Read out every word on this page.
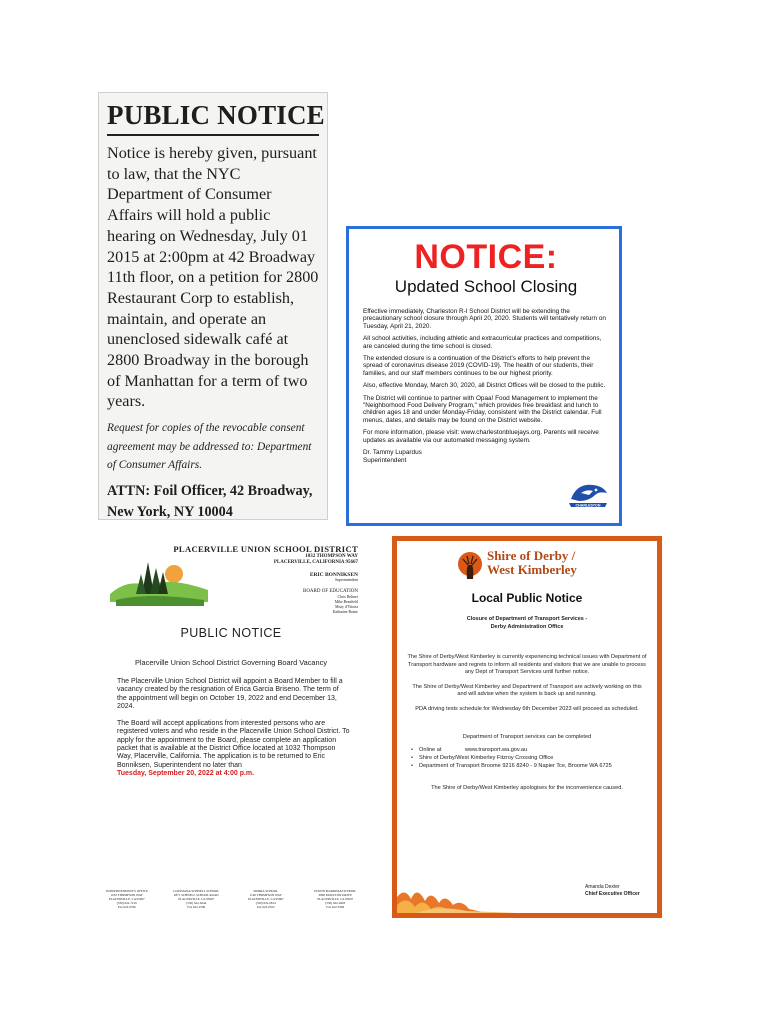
PUBLIC NOTICE
Notice is hereby given, pursuant to law, that the NYC Department of Consumer Affairs will hold a public hearing on Wednesday, July 01 2015 at 2:00pm at 42 Broadway 11th floor, on a petition for 2800 Restaurant Corp to establish, maintain, and operate an unenclosed sidewalk café at 2800 Broadway in the borough of Manhattan for a term of two years.
Request for copies of the revocable consent agreement may be addressed to: Department of Consumer Affairs.
ATTN: Foil Officer, 42 Broadway, New York, NY 10004
NOTICE:
Updated School Closing

Effective immediately, Charleston R-I School District will be extending the precautionary school closure through April 20, 2020. Students will tentatively return on Tuesday, April 21, 2020.

All school activities, including athletic and extracurricular practices and competitions, are canceled during the time school is closed.

The extended closure is a continuation of the District's efforts to help prevent the spread of coronavirus disease 2019 (COVID-19). The health of our students, their families, and our staff members continues to be our highest priority.

Also, effective Monday, March 30, 2020, all District Offices will be closed to the public.

The District will continue to partner with Opaa! Food Management to implement the "Neighborhood Food Delivery Program," which provides free breakfast and lunch to children ages 18 and under Monday-Friday, consistent with the District calendar. Full menus, dates, and details may be found on the District website.

For more information, please visit: www.charlestonbluejays.org. Parents will receive updates as available via our automated messaging system.

Dr. Tammy Lupardus
Superintendent
CHARLESTON
PLACERVILLE UNION SCHOOL DISTRICT
1032 THOMPSON WAY
PLACERVILLE, CALIFORNIA 95667
ERIC BONNIKSEN
Superintendent
BOARD OF EDUCATION
Chris Beltner
Mike Branfield
Misty d'Vitoria
Katharine Baiste
PUBLIC NOTICE
Placerville Union School District Governing Board Vacancy

The Placerville Union School District will appoint a Board Member to fill a vacancy created by the resignation of Erica Garcia Briseno. The term of the appointment will begin on October 19, 2022 and end December 13, 2024.

The Board will accept applications from interested persons who are registered voters and who reside in the Placerville Union School District. To apply for the appointment to the Board, please complete an application packet that is available at the District Office located at 1032 Thompson Way, Placerville, California. The application is to be returned to Eric Bonniksen, Superintendent no later than
Tuesday, September 20, 2022 at 4:00 p.m.

SUPERINTENDENT'S OFFICE
1032 THOMPSON WAY
PLACERVILLE, CA 95667
(530) 622-7216
Fax 622-0336
LOUISIANA SCHNELL SCHOOL
2871 SCHNELL SCHOOL ROAD
PLACERVILLE, CA 95667
(530) 622-6244
Fax 622-2599
SIERRA SCHOOL
1100 THOMPSON WAY
PLACERVILLE, CA 95667
(530) 622-0814
Fax 622-0352
EDWIN MARKHAM SCHOOL
2800 MOULTON DRIVE
PLACERVILLE, CA 95667
(530) 622-0403
Fax 622-3384
Shire of Derby /
West Kimberley
Local Public Notice
Closure of Department of Transport Services -
Derby Administration Office

The Shire of Derby/West Kimberley is currently experiencing technical issues with Department of Transport hardware and regrets to inform all residents and visitors that we are unable to process any Dept of Transport Services until further notice.

The Shire of Derby/West Kimberley and Department of Transport are actively working on this and will advise when the system is back up and running.

PDA driving tests schedule for Wednesday 6th December 2023 will proceed as scheduled.

Department of Transport services can be completed

• Online at	www.transport.wa.gov.au
• Shire of Derby/West Kimberley Fitzroy Crossing Office
• Department of Transport Broome 9216 8240 - 9 Napier Tce, Broome WA 6725

The Shire of Derby/West Kimberley apologises for the inconvenience caused.

Amanda Dexter
Chief Executive Officer
